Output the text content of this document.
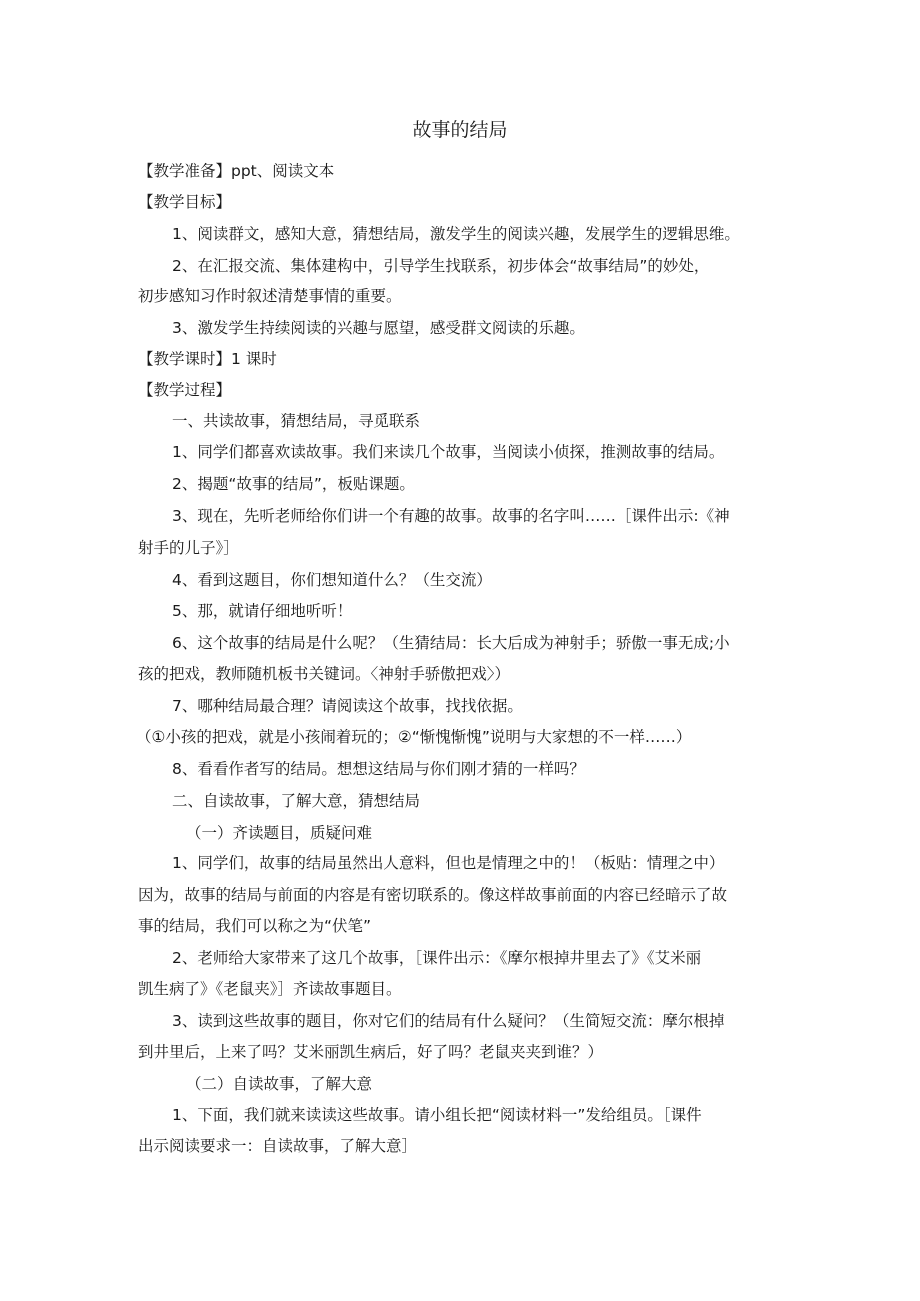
故事的结局
【教学准备】ppt、阅读文本
【教学目标】
1、阅读群文，感知大意，猜想结局，激发学生的阅读兴趣，发展学生的逻辑思维。
2、在汇报交流、集体建构中，引导学生找联系，初步体会“故事结局”的妙处，
初步感知习作时叙述清楚事情的重要。
3、激发学生持续阅读的兴趣与愿望，感受群文阅读的乐趣。
【教学课时】1 课时
【教学过程】
一、共读故事，猜想结局，寻觅联系
1、同学们都喜欢读故事。我们来读几个故事，当阅读小侦探，推测故事的结局。
2、揭题“故事的结局”，板贴课题。
3、现在，先听老师给你们讲一个有趣的故事。故事的名字叫……［课件出示:《神
射手的儿子》］
4、看到这题目，你们想知道什么？（生交流）
5、那，就请仔细地听听！
6、这个故事的结局是什么呢？（生猜结局：长大后成为神射手；骄傲一事无成;小
孩的把戏，教师随机板书关键词。〈神射手骄傲把戏〉）
7、哪种结局最合理？请阅读这个故事，找找依据。
（①小孩的把戏，就是小孩闹着玩的；②“惭愧惭愧”说明与大家想的不一样……）
8、看看作者写的结局。想想这结局与你们刚才猜的一样吗？
二、自读故事，了解大意，猜想结局
（一）齐读题目，质疑问难
1、同学们，故事的结局虽然出人意料，但也是情理之中的！（板贴：情理之中）
因为，故事的结局与前面的内容是有密切联系的。像这样故事前面的内容已经暗示了故
事的结局，我们可以称之为“伏笔”
2、老师给大家带来了这几个故事，［课件出示：《摩尔根掉井里去了》《艾米丽
凯生病了》《老鼠夹》］齐读故事题目。
3、读到这些故事的题目，你对它们的结局有什么疑问？（生简短交流：摩尔根掉
到井里后，上来了吗？艾米丽凯生病后，好了吗？老鼠夹夹到谁？）
（二）自读故事，了解大意
1、下面，我们就来读读这些故事。请小组长把“阅读材料一”发给组员。［课件
出示阅读要求一：自读故事，了解大意］
